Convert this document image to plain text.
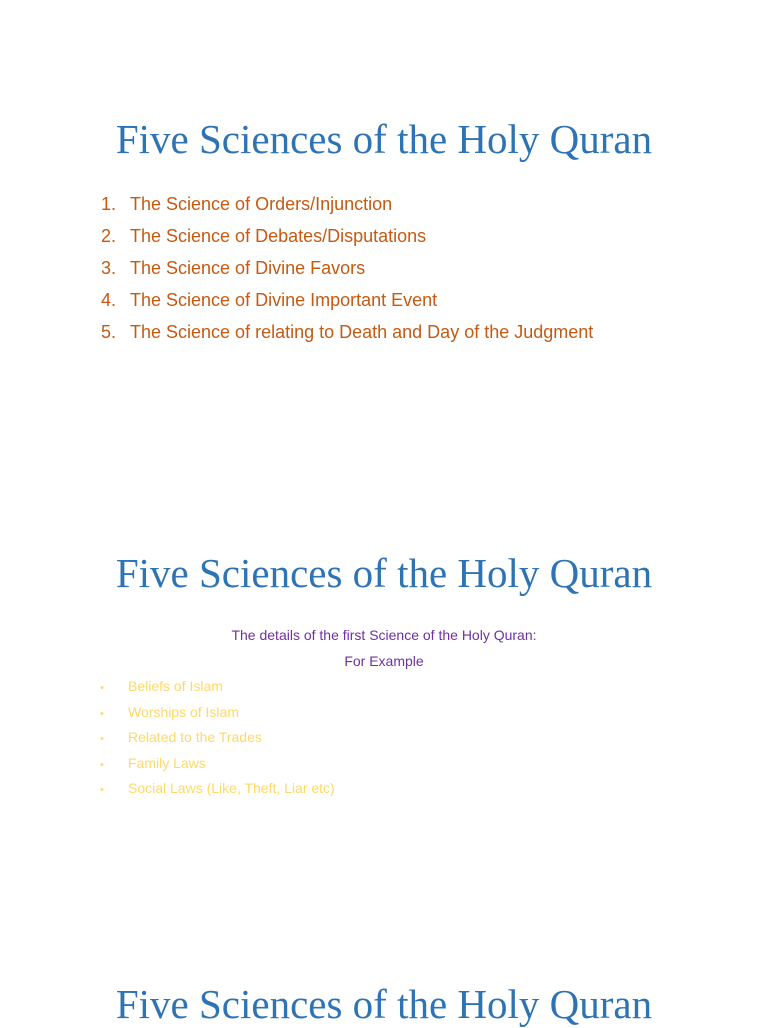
Five Sciences of the Holy Quran
1. The Science of Orders/Injunction
2. The Science of Debates/Disputations
3. The Science of Divine Favors
4. The Science of Divine Important Event
5. The Science of relating to Death and Day of the Judgment
Five Sciences of the Holy Quran
The details of the first Science of the Holy Quran:
For Example
• Beliefs of Islam
• Worships of Islam
• Related to the Trades
• Family Laws
• Social Laws (Like, Theft, Liar etc)
Five Sciences of the Holy Quran
